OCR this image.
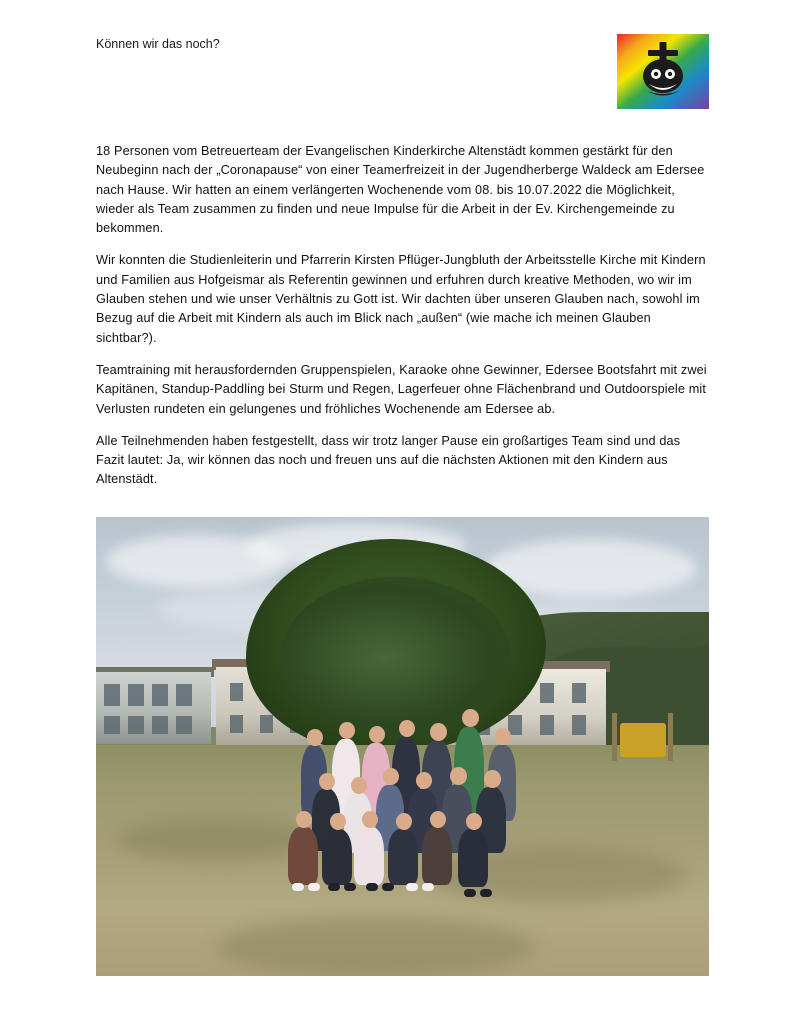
Können wir das noch?

18 Personen vom Betreuerteam der Evangelischen Kinderkirche Altenstädt kommen gestärkt für den Neubeginn nach der „Coronapause“ von einer Teamerfreizeit in der Jugendherberge Waldeck am Edersee nach Hause. Wir hatten an einem verlängerten Wochenende vom 08. bis 10.07.2022 die Möglichkeit, wieder als Team zusammen zu finden und neue Impulse für die Arbeit in der Ev. Kirchengemeinde zu bekommen.

Wir konnten die Studienleiterin und Pfarrerin Kirsten Pflüger-Jungbluth der Arbeitsstelle Kirche mit Kindern und Familien aus Hofgeismar als Referentin gewinnen und erfuhren durch kreative Methoden, wo wir im Glauben stehen und wie unser Verhältnis zu Gott ist. Wir dachten über unseren Glauben nach, sowohl im Bezug auf die Arbeit mit Kindern als auch im Blick nach „außen“ (wie mache ich meinen Glauben sichtbar?).

Teamtraining mit herausfordernden Gruppenspielen, Karaoke ohne Gewinner, Edersee Bootsfahrt mit zwei Kapitänen, Standup-Paddling bei Sturm und Regen, Lagerfeuer ohne Flächenbrand und Outdoorspiele mit Verlusten rundeten ein gelungenes und fröhliches Wochenende am Edersee ab.

Alle Teilnehmenden haben festgestellt, dass wir trotz langer Pause ein großartiges Team sind und das Fazit lautet: Ja, wir können das noch und freuen uns auf die nächsten Aktionen mit den Kindern aus Altenstädt.
